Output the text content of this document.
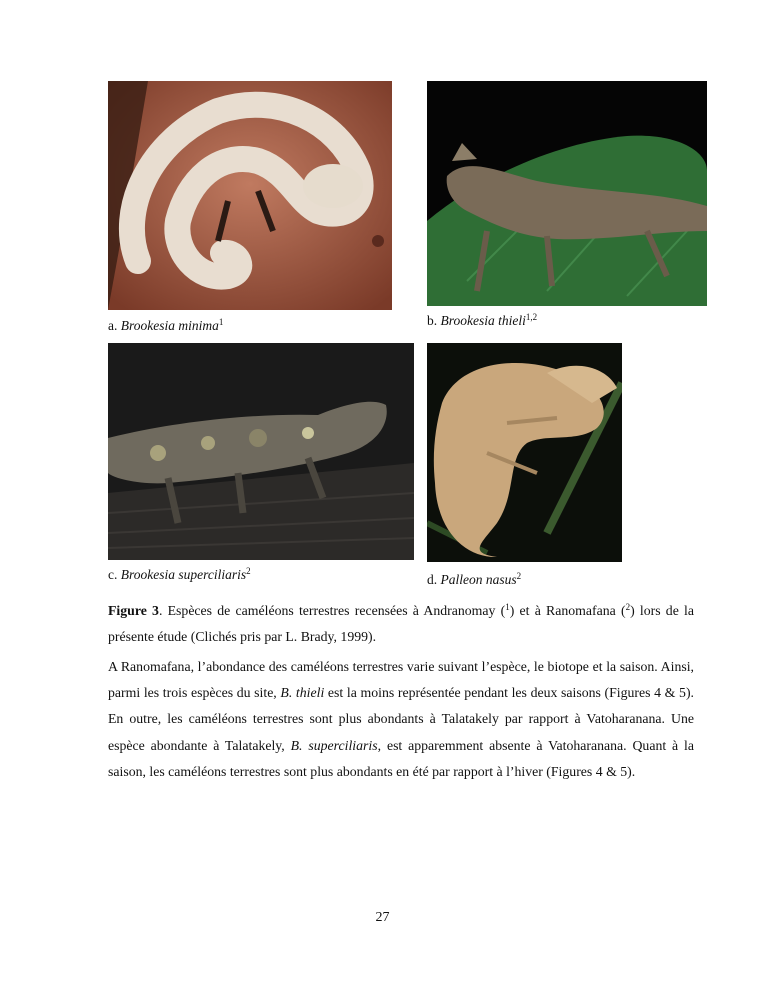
a. Brookesia minima$^1$	b. Brookesia thieli$^{1,2}$
c. Brookesia superciliaris$^2$
d. Palleon nasus$^2$
Figure 3. Espèces de caméléons terrestres recensées à Andranomay ($^1$) et à Ranomafana ($^2$) lors de la présente étude (Clichés pris par L. Brady, 1999).
A Ranomafana, l’abondance des caméléons terrestres varie suivant l’espèce, le biotope et la saison. Ainsi, parmi les trois espèces du site, B. thieli est la moins représentée pendant les deux saisons (Figures 4 & 5). En outre, les caméléons terrestres sont plus abondants à Talatakely par rapport à Vatoharanana. Une espèce abondante à Talatakely, B. superciliaris, est apparemment absente à Vatoharanana. Quant à la saison, les caméléons terrestres sont plus abondants en été par rapport à l’hiver (Figures 4 & 5).
27
